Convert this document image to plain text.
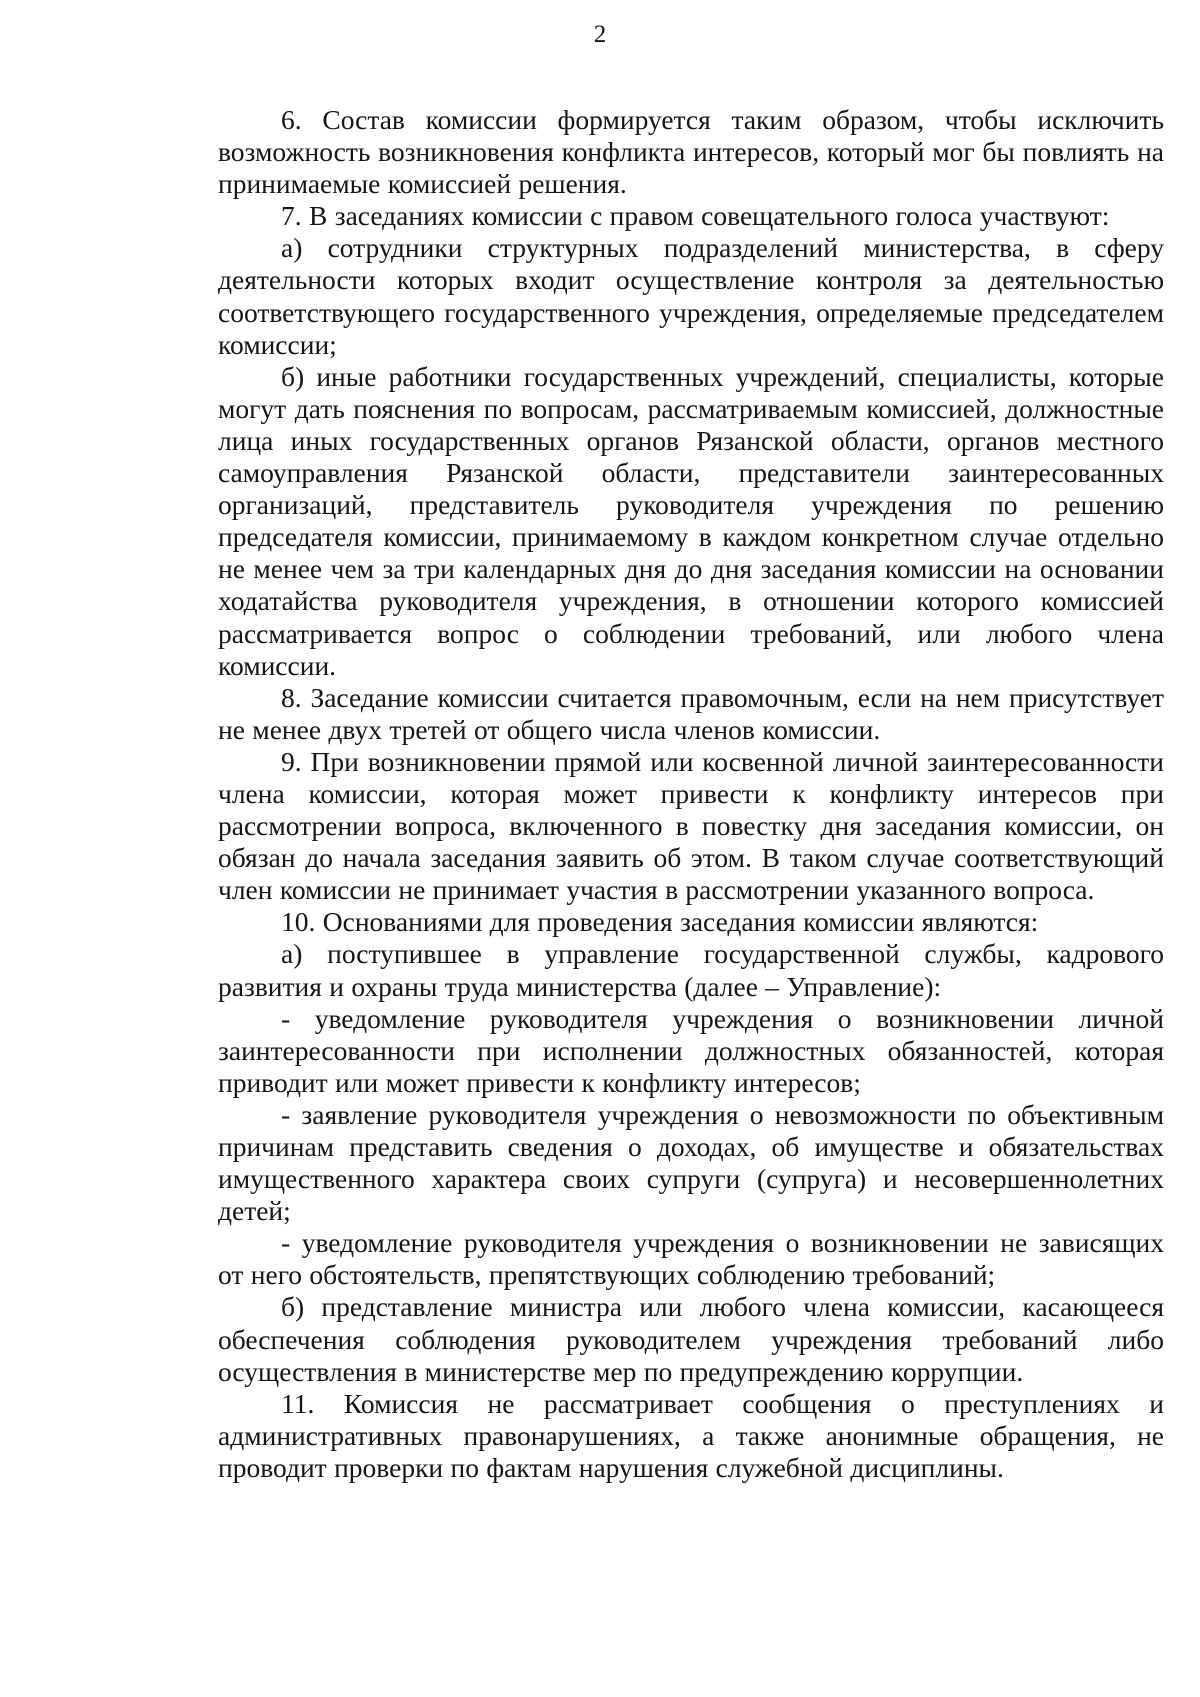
2

6. Состав комиссии формируется таким образом, чтобы исключить возможность возникновения конфликта интересов, который мог бы повлиять на принимаемые комиссией решения.

7. В заседаниях комиссии с правом совещательного голоса участвуют:

а) сотрудники структурных подразделений министерства, в сферу деятельности которых входит осуществление контроля за деятельностью соответствующего государственного учреждения, определяемые председателем комиссии;

б) иные работники государственных учреждений, специалисты, которые могут дать пояснения по вопросам, рассматриваемым комиссией, должностные лица иных государственных органов Рязанской области, органов местного самоуправления Рязанской области, представители заинтересованных организаций, представитель руководителя учреждения по решению председателя комиссии, принимаемому в каждом конкретном случае отдельно не менее чем за три календарных дня до дня заседания комиссии на основании ходатайства руководителя учреждения, в отношении которого комиссией рассматривается вопрос о соблюдении требований, или любого члена комиссии.

8. Заседание комиссии считается правомочным, если на нем присутствует не менее двух третей от общего числа членов комиссии.

9. При возникновении прямой или косвенной личной заинтересованности члена комиссии, которая может привести к конфликту интересов при рассмотрении вопроса, включенного в повестку дня заседания комиссии, он обязан до начала заседания заявить об этом. В таком случае соответствующий член комиссии не принимает участия в рассмотрении указанного вопроса.

10. Основаниями для проведения заседания комиссии являются:

а) поступившее в управление государственной службы, кадрового развития и охраны труда министерства (далее – Управление):

- уведомление руководителя учреждения о возникновении личной заинтересованности при исполнении должностных обязанностей, которая приводит или может привести к конфликту интересов;

- заявление руководителя учреждения о невозможности по объективным причинам представить сведения о доходах, об имуществе и обязательствах имущественного характера своих супруги (супруга) и несовершеннолетних детей;

- уведомление руководителя учреждения о возникновении не зависящих от него обстоятельств, препятствующих соблюдению требований;

б) представление министра или любого члена комиссии, касающееся обеспечения соблюдения руководителем учреждения требований либо осуществления в министерстве мер по предупреждению коррупции.

11. Комиссия не рассматривает сообщения о преступлениях и административных правонарушениях, а также анонимные обращения, не проводит проверки по фактам нарушения служебной дисциплины.
